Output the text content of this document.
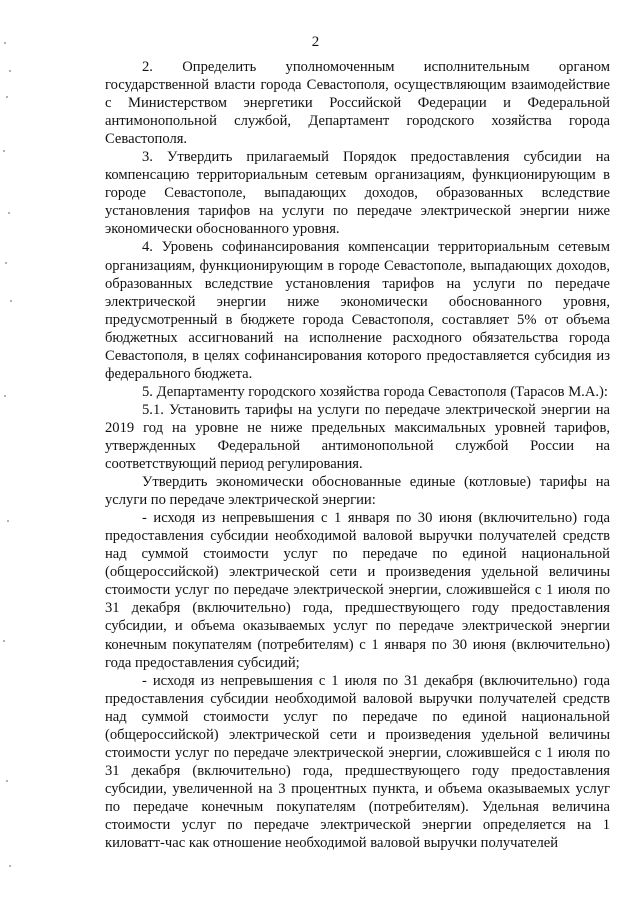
2

2. Определить уполномоченным исполнительным органом государственной власти города Севастополя, осуществляющим взаимодействие с Министерством энергетики Российской Федерации и Федеральной антимонопольной службой, Департамент городского хозяйства города Севастополя.

3. Утвердить прилагаемый Порядок предоставления субсидии на компенсацию территориальным сетевым организациям, функционирующим в городе Севастополе, выпадающих доходов, образованных вследствие установления тарифов на услуги по передаче электрической энергии ниже экономически обоснованного уровня.

4. Уровень софинансирования компенсации территориальным сетевым организациям, функционирующим в городе Севастополе, выпадающих доходов, образованных вследствие установления тарифов на услуги по передаче электрической энергии ниже экономически обоснованного уровня, предусмотренный в бюджете города Севастополя, составляет 5% от объема бюджетных ассигнований на исполнение расходного обязательства города Севастополя, в целях софинансирования которого предоставляется субсидия из федерального бюджета.

5. Департаменту городского хозяйства города Севастополя (Тарасов М.А.):

5.1. Установить тарифы на услуги по передаче электрической энергии на 2019 год на уровне не ниже предельных максимальных уровней тарифов, утвержденных Федеральной антимонопольной службой России на соответствующий период регулирования.

Утвердить экономически обоснованные единые (котловые) тарифы на услуги по передаче электрической энергии:

- исходя из непревышения с 1 января по 30 июня (включительно) года предоставления субсидии необходимой валовой выручки получателей средств над суммой стоимости услуг по передаче по единой национальной (общероссийской) электрической сети и произведения удельной величины стоимости услуг по передаче электрической энергии, сложившейся с 1 июля по 31 декабря (включительно) года, предшествующего году предоставления субсидии, и объема оказываемых услуг по передаче электрической энергии конечным покупателям (потребителям) с 1 января по 30 июня (включительно) года предоставления субсидий;

- исходя из непревышения с 1 июля по 31 декабря (включительно) года предоставления субсидии необходимой валовой выручки получателей средств над суммой стоимости услуг по передаче по единой национальной (общероссийской) электрической сети и произведения удельной величины стоимости услуг по передаче электрической энергии, сложившейся с 1 июля по 31 декабря (включительно) года, предшествующего году предоставления субсидии, увеличенной на 3 процентных пункта, и объема оказываемых услуг по передаче конечным покупателям (потребителям). Удельная величина стоимости услуг по передаче электрической энергии определяется на 1 киловатт-час как отношение необходимой валовой выручки получателей
